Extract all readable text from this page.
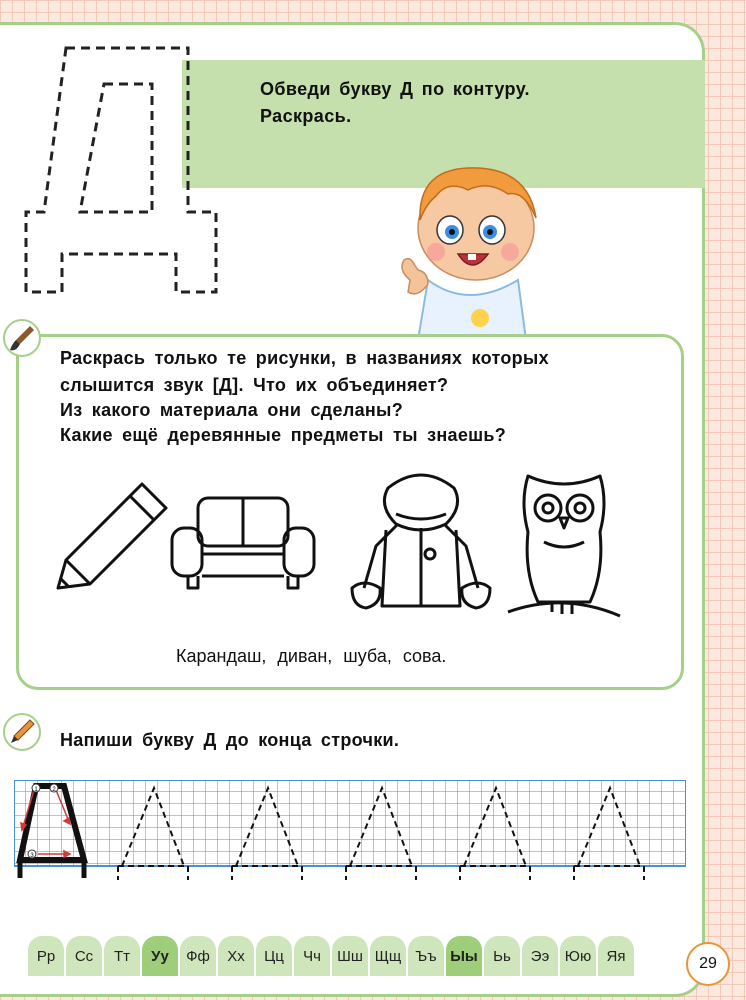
Обведи букву Д по контуру.
Раскрась.
Раскрась только те рисунки, в названиях которых
слышится звук [Д]. Что их объединяет?
Из какого материала они сделаны?
Какие ещё деревянные предметы ты знаешь?
Карандаш, диван, шуба, сова.
Напиши букву Д до конца строчки.
1 2
3
Рр	Сс	Тт	Уу	Фф	Хх	Цц	Чч	Шш Щщ Ъъ Ыы	Ьь	Ээ	Юю	Яя	29
